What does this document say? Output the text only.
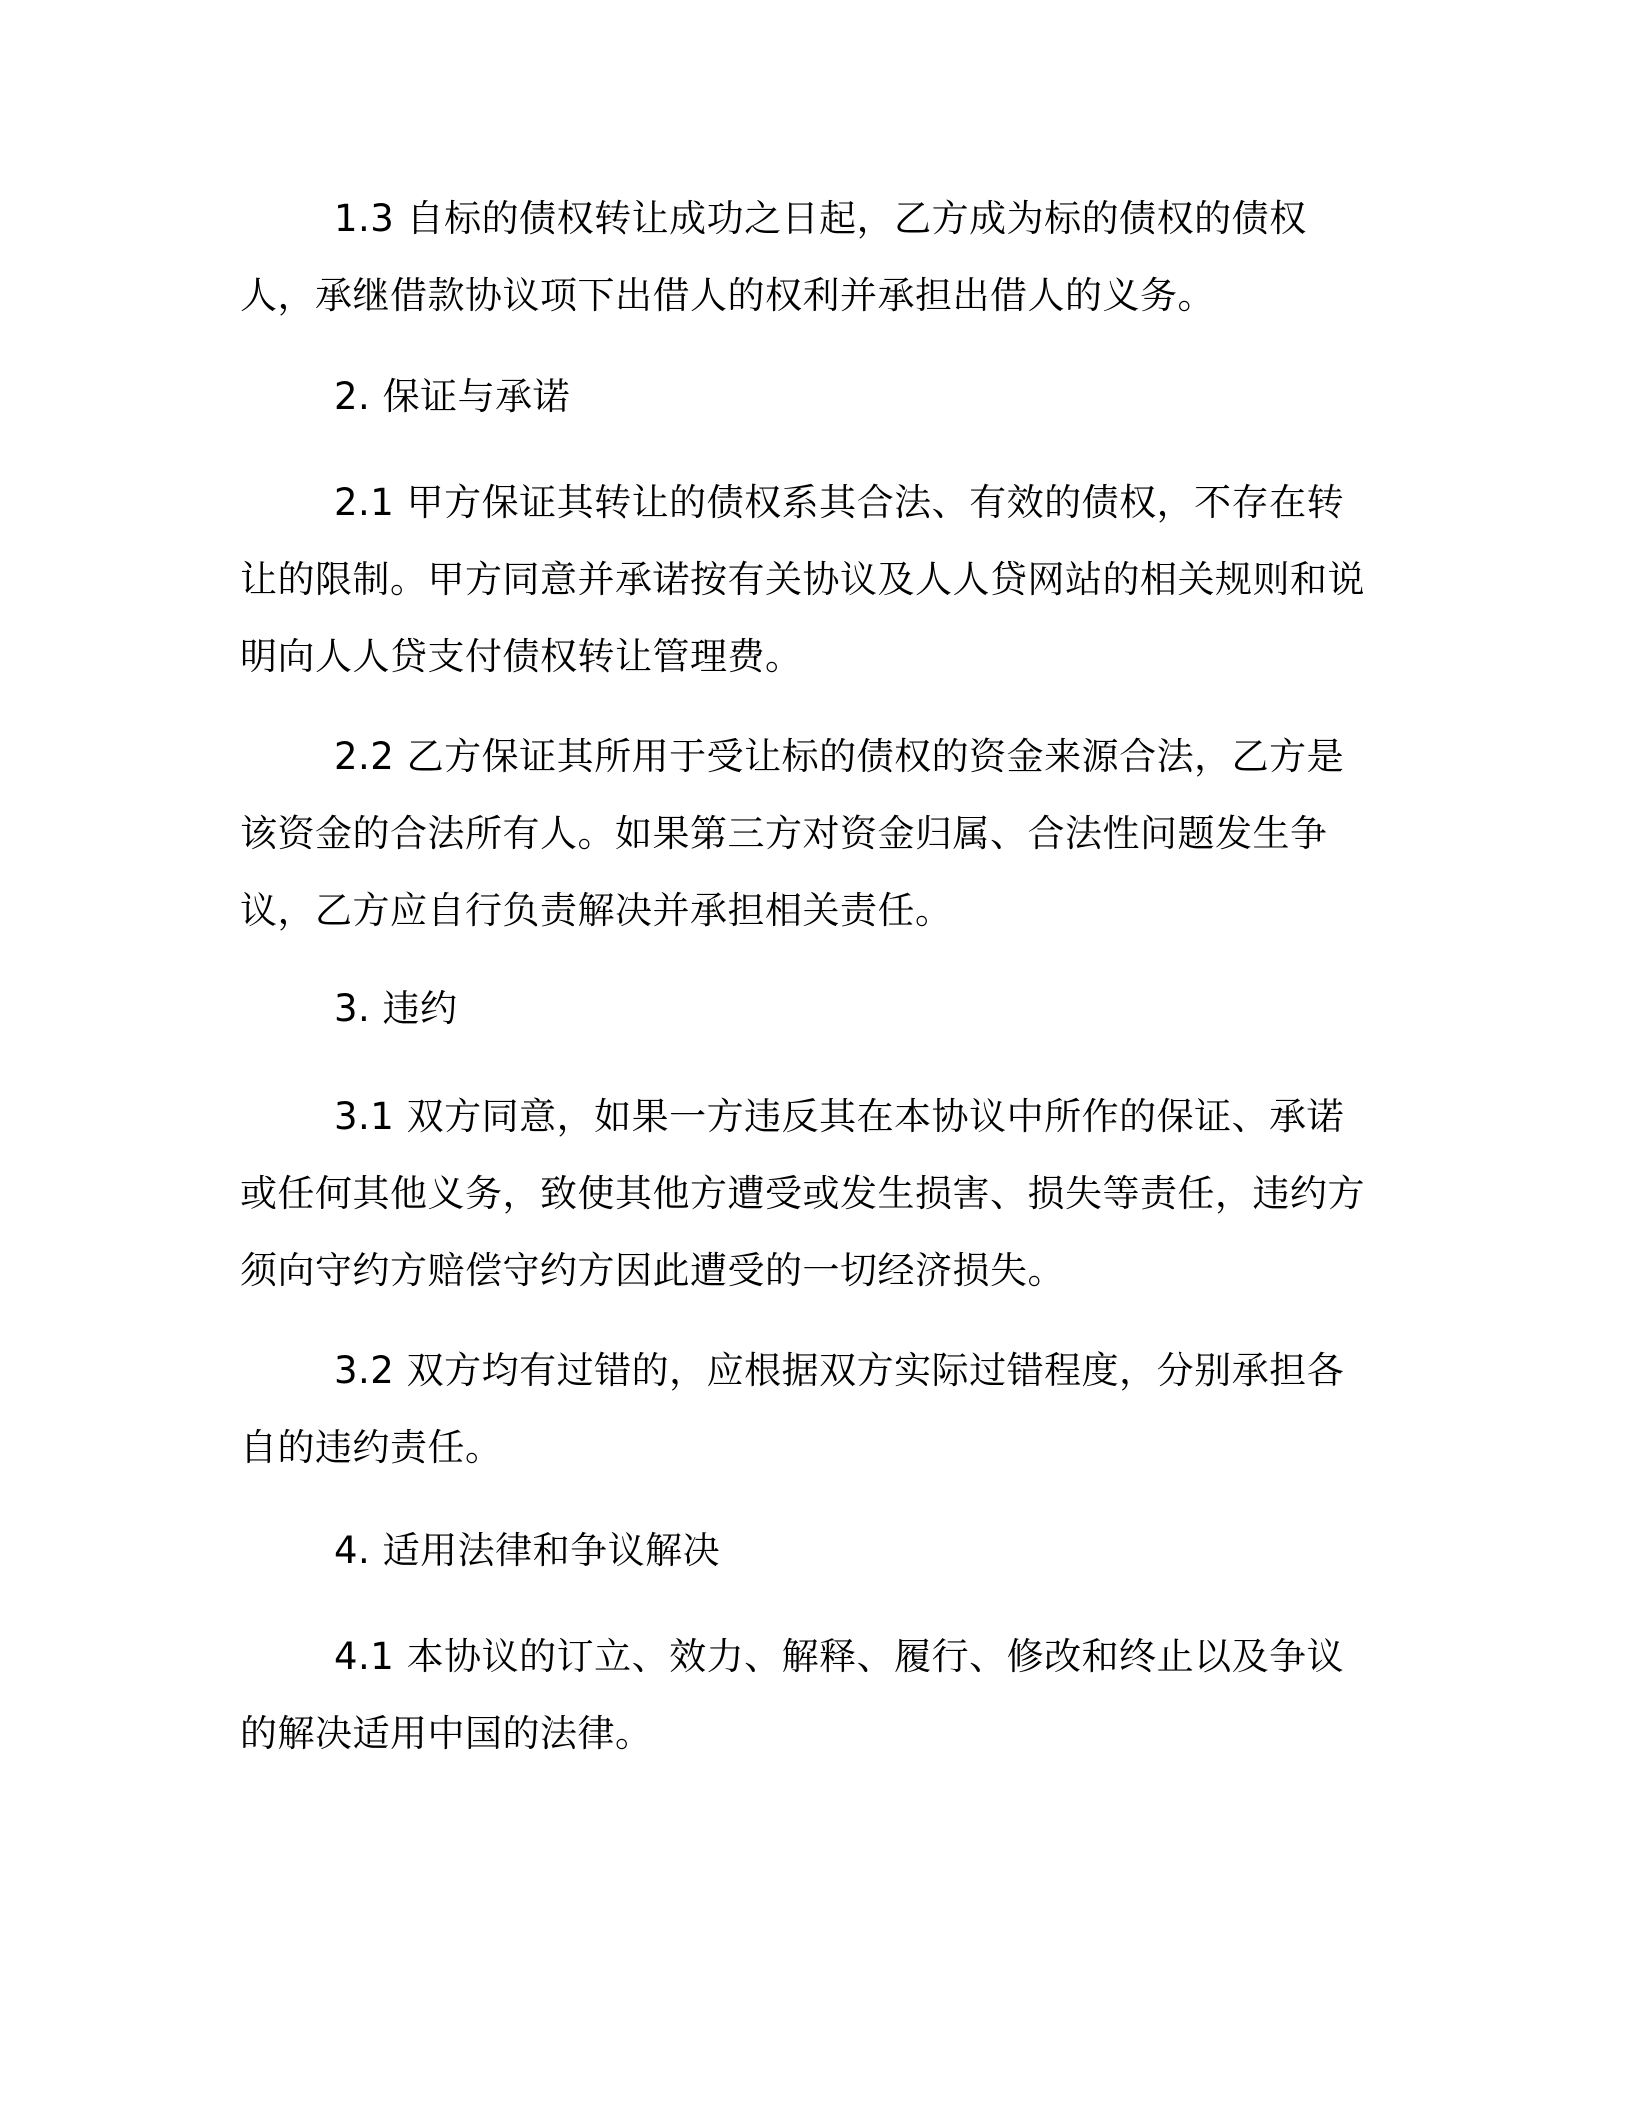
1.3 自标的债权转让成功之日起，乙方成为标的债权的债权人，承继借款协议项下出借人的权利并承担出借人的义务。

2. 保证与承诺

2.1 甲方保证其转让的债权系其合法、有效的债权，不存在转让的限制。甲方同意并承诺按有关协议及人人贷网站的相关规则和说明向人人贷支付债权转让管理费。

2.2 乙方保证其所用于受让标的债权的资金来源合法，乙方是该资金的合法所有人。如果第三方对资金归属、合法性问题发生争议，乙方应自行负责解决并承担相关责任。

3. 违约

3.1 双方同意，如果一方违反其在本协议中所作的保证、承诺或任何其他义务，致使其他方遭受或发生损害、损失等责任，违约方须向守约方赔偿守约方因此遭受的一切经济损失。

3.2 双方均有过错的，应根据双方实际过错程度，分别承担各自的违约责任。

4. 适用法律和争议解决

4.1 本协议的订立、效力、解释、履行、修改和终止以及争议的解决适用中国的法律。
